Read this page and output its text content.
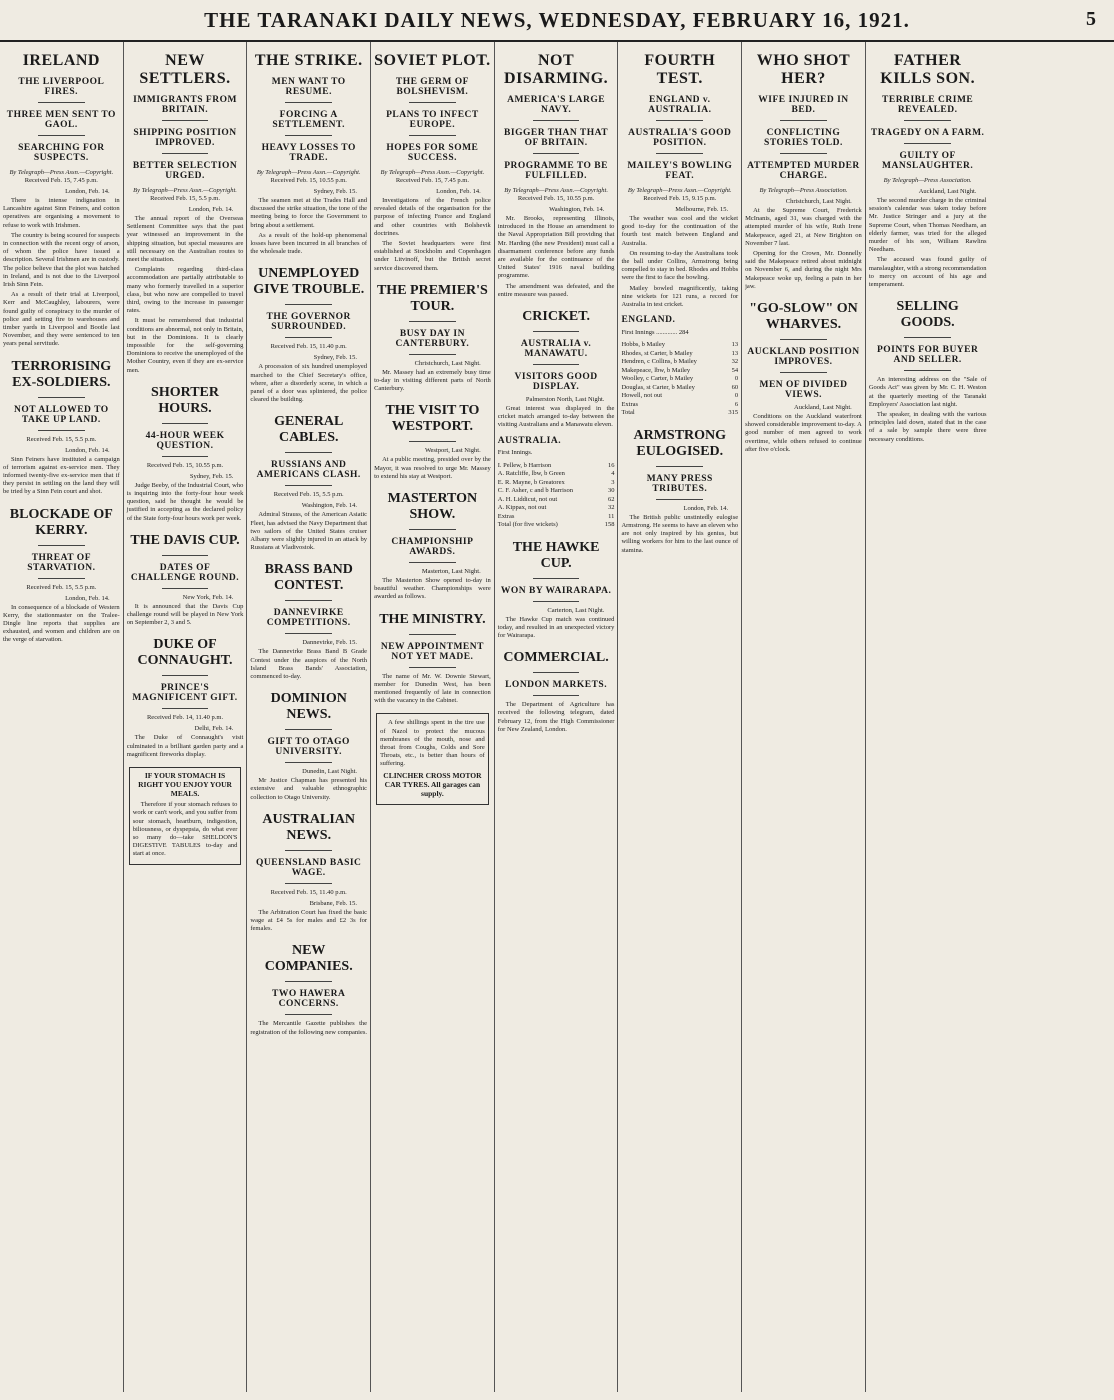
THE TARANAKI DAILY NEWS, WEDNESDAY, FEBRUARY 16, 1921.	5
IRELAND
THE LIVERPOOL FIRES.
THREE MEN SENT TO GAOL.
SEARCHING FOR SUSPECTS.
By Telegraph—Press Assn.—Copyright.
Received Feb. 15, 7.45 p.m.
London, Feb. 14.

There is intense indignation in Lancashire against Sinn Feiners, and cotton operatives are organising a movement to refuse to work with Irishmen.

The country is being scoured for suspects in connection with the recent orgy of arson, of whom the police have issued a description. Several Irishmen are in custody. The police believe that the plot was hatched in Ireland, and is not due to the Liverpool Irish Sinn Fein.

As a result of their trial at Liverpool, Kerr and McCaughley, labourers, were found guilty of conspiracy to the murder of police and setting fire to warehouses and timber yards in Liverpool and Bootle last November, and they were sentenced to ten years penal servitude.

TERRORISING EX-SOLDIERS.
NOT ALLOWED TO TAKE UP LAND.
Received Feb. 15, 5.5 p.m.
London, Feb. 14.

Sinn Feiners have instituted a campaign of terrorism against ex-service men. They informed twenty-five ex-service men that if they persist in settling on the land they will be tried by a Sinn Fein court and shot.

BLOCKADE OF KERRY.
THREAT OF STARVATION.
Received Feb. 15, 5.5 p.m.
London, Feb. 14.

In consequence of a blockade of Western Kerry, the stationmaster on the Tralee-Dingle line reports that supplies are exhausted, and women and children are on the verge of starvation.

NEW SETTLERS.
IMMIGRANTS FROM BRITAIN.
SHIPPING POSITION IMPROVED.
BETTER SELECTION URGED.
By Telegraph—Press Assn.—Copyright.
Received Feb. 15, 5.5 p.m.
London, Feb. 14.

The annual report of the Overseas Settlement Committee says that the past year witnessed an improvement in the shipping situation, but special measures are still necessary on the Australian routes to meet the situation.

Complaints regarding third-class accommodation are partially attributable to many who formerly travelled in a superior class, but who now are compelled to travel third, owing to the increase in passenger rates.

It must be remembered that industrial conditions are abnormal, not only in Britain, but in the Dominions. It is clearly impossible for the self-governing Dominions to receive the unemployed of the Mother Country, even if they are ex-service men.

SHORTER HOURS.
44-HOUR WEEK QUESTION.
Received Feb. 15, 10.55 p.m.
Sydney, Feb. 15.

Judge Beeby, of the Industrial Court, who is inquiring into the forty-four hour week question, said he thought he would be justified in accepting as the declared policy of the State forty-four hours work per week.

THE DAVIS CUP.
DATES OF CHALLENGE ROUND.
New York, Feb. 14.

It is announced that the Davis Cup challenge round will be played in New York on September 2, 3 and 5.

DUKE OF CONNAUGHT.
PRINCE'S MAGNIFICENT GIFT.
Received Feb. 14, 11.40 p.m.
Delhi, Feb. 14.

The Duke of Connaught's visit culminated in a brilliant garden party and a magnificent fireworks display.

IF YOUR STOMACH IS RIGHT YOU ENJOY YOUR MEALS.

Therefore if your stomach refuses to work or can't work, and you suffer from sour stomach, heartburn, indigestion, biliousness, or dyspepsia, do what ever so many do—take SHELDON'S DIGESTIVE TABULES to-day and start at once.

THE STRIKE.
MEN WANT TO RESUME.
FORCING A SETTLEMENT.
HEAVY LOSSES TO TRADE.
By Telegraph—Press Assn.—Copyright.
Received Feb. 15, 10.55 p.m.
Sydney, Feb. 15.

The seamen met at the Trades Hall and discussed the strike situation, the tone of the meeting being to force the Government to bring about a settlement.

As a result of the hold-up phenomenal losses have been incurred in all branches of the wholesale trade.

UNEMPLOYED GIVE TROUBLE.
THE GOVERNOR SURROUNDED.
Received Feb. 15, 11.40 p.m.
Sydney, Feb. 15.

A procession of six hundred unemployed marched to the Chief Secretary's office, where, after a disorderly scene, in which a panel of a door was splintered, the police cleared the building.

GENERAL CABLES.
RUSSIANS AND AMERICANS CLASH.
Received Feb. 15, 5.5 p.m.
Washington, Feb. 14.

Admiral Strauss, of the American Asiatic Fleet, has advised the Navy Department that two sailors of the United States cruiser Albany were slightly injured in an attack by Russians at Vladivostok.

BRASS BAND CONTEST.
DANNEVIRKE COMPETITIONS.
Dannevirke, Feb. 15.

The Dannevirke Brass Band B Grade Contest under the auspices of the North Island Brass Bands' Association, commenced to-day.

DOMINION NEWS.
GIFT TO OTAGO UNIVERSITY.
Dunedin, Last Night.

Mr Justice Chapman has presented his extensive and valuable ethnographic collection to Otago University.

AUSTRALIAN NEWS.
QUEENSLAND BASIC WAGE.
Received Feb. 15, 11.40 p.m.
Brisbane, Feb. 15.

The Arbitration Court has fixed the basic wage at £4 5s for males and £2 3s for females.

NEW COMPANIES.
TWO HAWERA CONCERNS.

The Mercantile Gazette publishes the registration of the following new companies.

SOVIET PLOT.
THE GERM OF BOLSHEVISM.
PLANS TO INFECT EUROPE.
HOPES FOR SOME SUCCESS.
By Telegraph—Press Assn.—Copyright.
Received Feb. 15, 7.45 p.m.
London, Feb. 14.

Investigations of the French police revealed details of the organisation for the purpose of infecting France and England and other countries with Bolshevik doctrines.

The Soviet headquarters were first established at Stockholm and Copenhagen under Litvinoff, but the British secret service discovered them.

THE PREMIER'S TOUR.
BUSY DAY IN CANTERBURY.
Christchurch, Last Night.

Mr. Massey had an extremely busy time to-day in visiting different parts of North Canterbury.

THE VISIT TO WESTPORT.
Westport, Last Night.

At a public meeting, presided over by the Mayor, it was resolved to urge Mr. Massey to extend his stay at Westport.

MASTERTON SHOW.
CHAMPIONSHIP AWARDS.
Masterton, Last Night.

The Masterton Show opened to-day in beautiful weather. Championships were awarded as follows.

THE MINISTRY.
NEW APPOINTMENT NOT YET MADE.

The name of Mr. W. Downie Stewart, member for Dunedin West, has been mentioned frequently of late in connection with the vacancy in the Cabinet.

A few shillings spent in the tire use of Nazol to protect the mucous membranes of the mouth, nose and throat from Coughs, Colds and Sore Throats, etc., is better than hours of suffering.

CLINCHER CROSS MOTOR CAR TYRES. All garages can supply.
NOT DISARMING.
AMERICA'S LARGE NAVY.
BIGGER THAN THAT OF BRITAIN.
PROGRAMME TO BE FULFILLED.
By Telegraph—Press Assn.—Copyright.
Received Feb. 15, 10.55 p.m.
Washington, Feb. 14.

Mr. Brooks, representing Illinois, introduced in the House an amendment to the Naval Appropriation Bill providing that Mr. Harding (the new President) must call a disarmament conference before any funds are available for the continuance of the United States' 1916 naval building programme.

The amendment was defeated, and the entire measure was passed.

CRICKET.
AUSTRALIA v. MANAWATU.
VISITORS GOOD DISPLAY.
Palmerston North, Last Night.

Great interest was displayed in the cricket match arranged to-day between the visiting Australians and a Manawatu eleven.

AUSTRALIA.
First Innings.
I. Pellew, b Harrison	16
A. Ratcliffe, lbw, b Green	4
E. R. Mayne, b Greatorex	3
C. F. Asher, c and b Harrison	30
A. H. Liddicut, not out	62
A. Kippax, not out	32
Extras	11
Total (for five wickets)	158
THE HAWKE CUP.
WON BY WAIRARAPA.
Carterton, Last Night.

The Hawke Cup match was continued today, and resulted in an unexpected victory for Wairarapa.

COMMERCIAL.
LONDON MARKETS.

The Department of Agriculture has received the following telegram, dated February 12, from the High Commissioner for New Zealand, London.

FOURTH TEST.
ENGLAND v. AUSTRALIA.
AUSTRALIA'S GOOD POSITION.
MAILEY'S BOWLING FEAT.
By Telegraph—Press Assn.—Copyright.
Received Feb. 15, 9.15 p.m.
Melbourne, Feb. 15.

The weather was cool and the wicket good to-day for the continuation of the fourth test match between England and Australia.

On resuming to-day the Australians took the ball under Collins, Armstrong being compelled to stay in bed. Rhodes and Hobbs were the first to face the bowling.

Mailey bowled magnificently, taking nine wickets for 121 runs, a record for Australia in test cricket.

ENGLAND.
First Innings ............. 284
Hobbs, b Mailey	13
Rhodes, st Carter, b Mailey	13
Hendren, c Collins, b Mailey	32
Makepeace, lbw, b Mailey	54
Woolley, c Carter, b Mailey	0
Douglas, st Carter, b Mailey	60
Howell, not out	0
Extras	6
Total	315
ARMSTRONG EULOGISED.
MANY PRESS TRIBUTES.
London, Feb. 14.

The British public unstintedly eulogise Armstrong. He seems to have an eleven who are not only inspired by his genius, but willing workers for him to the last ounce of stamina.

WHO SHOT HER?
WIFE INJURED IN BED.
CONFLICTING STORIES TOLD.
ATTEMPTED MURDER CHARGE.
By Telegraph—Press Association.
Christchurch, Last Night.

At the Supreme Court, Frederick McInanis, aged 31, was charged with the attempted murder of his wife, Ruth Irene Makepeace, aged 21, at New Brighton on November 7 last.

Opening for the Crown, Mr. Donnelly said the Makepeace retired about midnight on November 6, and during the night Mrs Makepeace woke up, feeling a pain in her jaw.

"GO-SLOW" ON WHARVES.
AUCKLAND POSITION IMPROVES.
MEN OF DIVIDED VIEWS.
Auckland, Last Night.

Conditions on the Auckland waterfront showed considerable improvement to-day. A good number of men agreed to work overtime, while others refused to continue after five o'clock.

FATHER KILLS SON.
TERRIBLE CRIME REVEALED.
TRAGEDY ON A FARM.
GUILTY OF MANSLAUGHTER.
By Telegraph—Press Association.
Auckland, Last Night.

The second murder charge in the criminal session's calendar was taken today before Mr. Justice Stringer and a jury at the Supreme Court, when Thomas Needham, an elderly farmer, was tried for the alleged murder of his son, William Rawlins Needham.

The accused was found guilty of manslaughter, with a strong recommendation to mercy on account of his age and temperament.

SELLING GOODS.
POINTS FOR BUYER AND SELLER.

An interesting address on the "Sale of Goods Act" was given by Mr. C. H. Weston at the quarterly meeting of the Taranaki Employers' Association last night.

The speaker, in dealing with the various principles laid down, stated that in the case of a sale by sample there were three necessary conditions.
